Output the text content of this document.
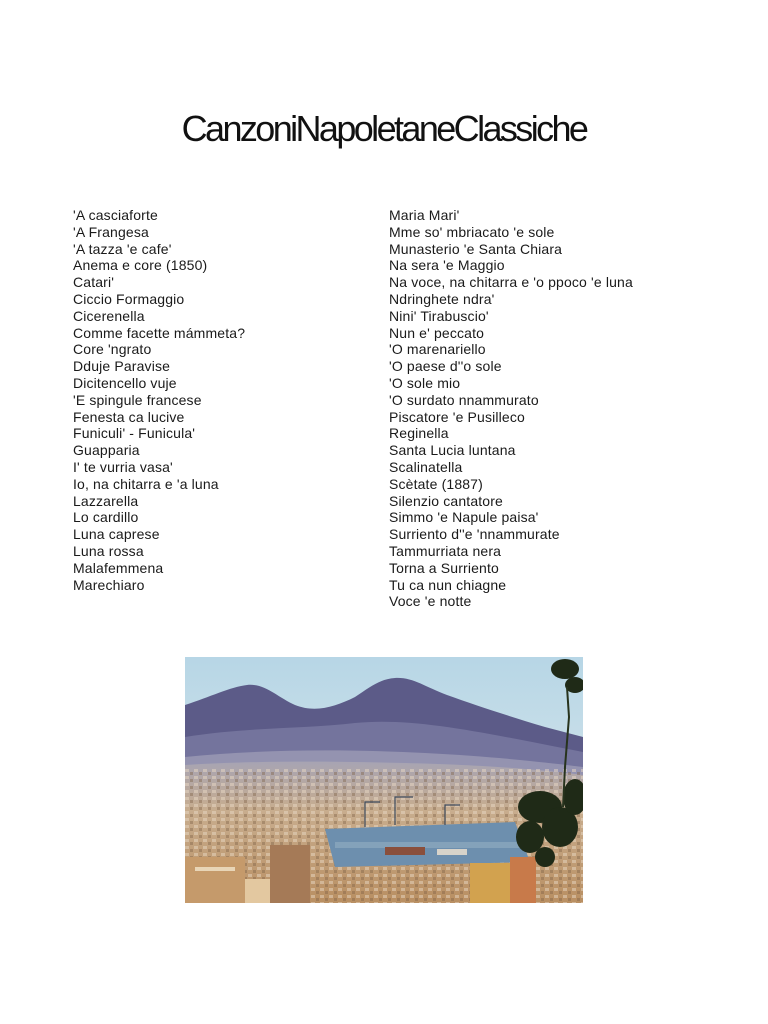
CanzoniNapoletaneClassiche
'A casciaforte
'A Frangesa
'A tazza 'e cafe'
Anema e core (1850)
Catari'
Ciccio Formaggio
Cicerenella
Comme facette mámmeta?
Core 'ngrato
Dduje Paravise
Dicitencello vuje
'E spingule francese
Fenesta ca lucive
Funiculi' - Funicula'
Guapparia
I' te vurria vasa'
Io, na chitarra e 'a luna
Lazzarella
Lo cardillo
Luna caprese
Luna rossa
Malafemmena
Marechiaro
Maria Mari'
Mme so' mbriacato 'e sole
Munasterio 'e Santa Chiara
Na sera 'e Maggio
Na voce, na chitarra e 'o ppoco 'e luna
Ndringhete ndra'
Nini' Tirabuscio'
Nun e' peccato
'O marenariello
'O paese d''o sole
'O sole mio
'O surdato nnammurato
Piscatore 'e Pusilleco
Reginella
Santa Lucia luntana
Scalinatella
Scètate (1887)
Silenzio cantatore
Simmo 'e Napule paisa'
Surriento d''e 'nnammurate
Tammurriata nera
Torna a Surriento
Tu ca nun chiagne
Voce 'e notte
